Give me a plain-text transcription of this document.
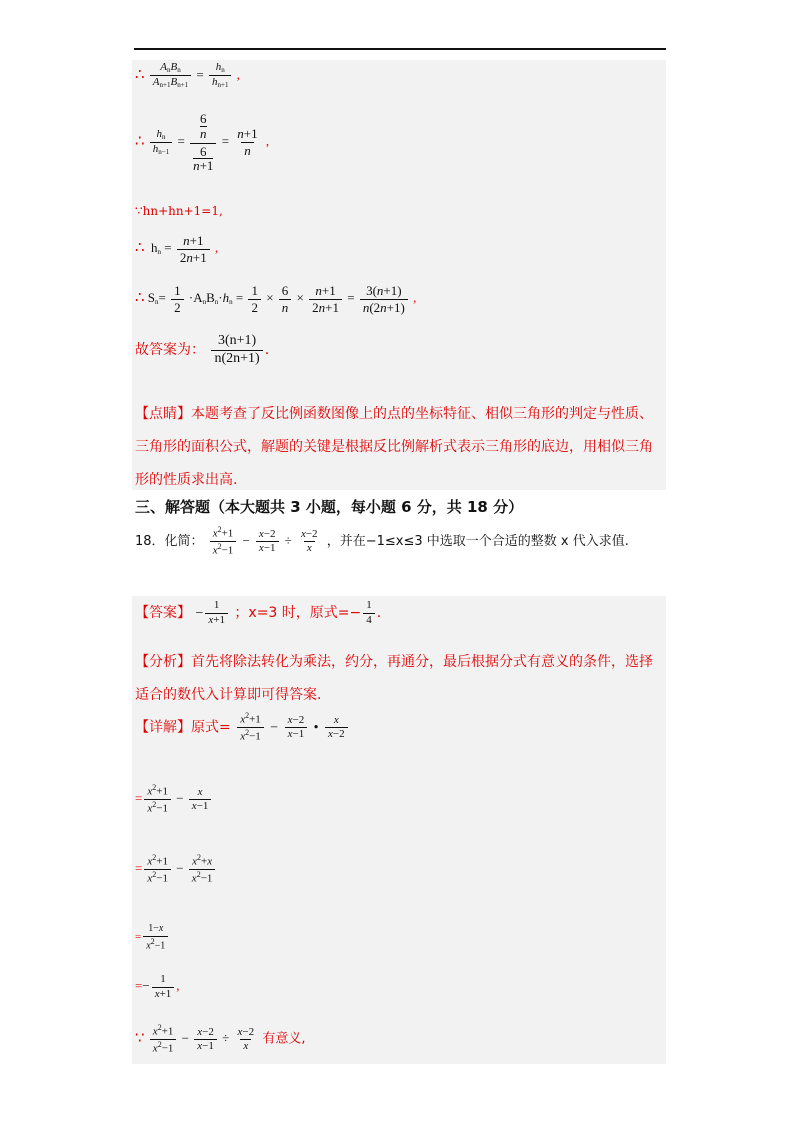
∴ $\frac{A_nB_n}{A_{n+1}B_{n+1}} = \frac{h_n}{h_{n+1}}$ ,
∴ $\frac{h_n}{h_{n-1}} = 6$
n
6
$n+1 = \frac{n+1}{n}$ ,
∵hn+hn+1=1,
∴  $h_n = \frac{n+1}{2n+1}$ ,
∴ $S_n= \frac{1}{2} \cdot A_nB_n\cdot h_n = \frac{1}{2} \times \frac{6}{n} \times \frac{n+1}{2n+1} = \frac{3(n+1)}{n(2n+1)}$ ,
故答案为： $\frac{3(n+1)}{n(2n+1)}$ .
【点睛】本题考查了反比例函数图像上的点的坐标特征、相似三角形的判定与性质、三角形的面积公式，解题的关键是根据反比例解析式表示三角形的底边，用相似三角形的性质求出高.
三、解答题（本大题共 3 小题，每小题 6 分，共 18 分）
18．化简： $\frac{x^2+1}{x^2-1} - \frac{x-2}{x-1} \div \frac{x-2}{x}$ ，并在−1≤x≤3 中选取一个合适的整数 x 代入求值.
【答案】 − $\frac{1}{x+1}$ ；x=3 时，原式=− $\frac{1}{4}$ .
【分析】首先将除法转化为乘法，约分，再通分，最后根据分式有意义的条件，选择适合的数代入计算即可得答案.
【详解】原式= $\frac{x^2+1}{x^2-1} - \frac{x-2}{x-1}$ • $\frac{x}{x-2}$
= $\frac{x^2+1}{x^2-1} - \frac{x}{x-1}$
= $\frac{x^2+1}{x^2-1} - \frac{x^2+x}{x^2-1}$
= $\frac{1-x}{x^2-1}$
=− $\frac{1}{x+1}$ ,
∵ $\frac{x^2+1}{x^2-1} - \frac{x-2}{x-1} \div \frac{x-2}{x}$ 有意义,
